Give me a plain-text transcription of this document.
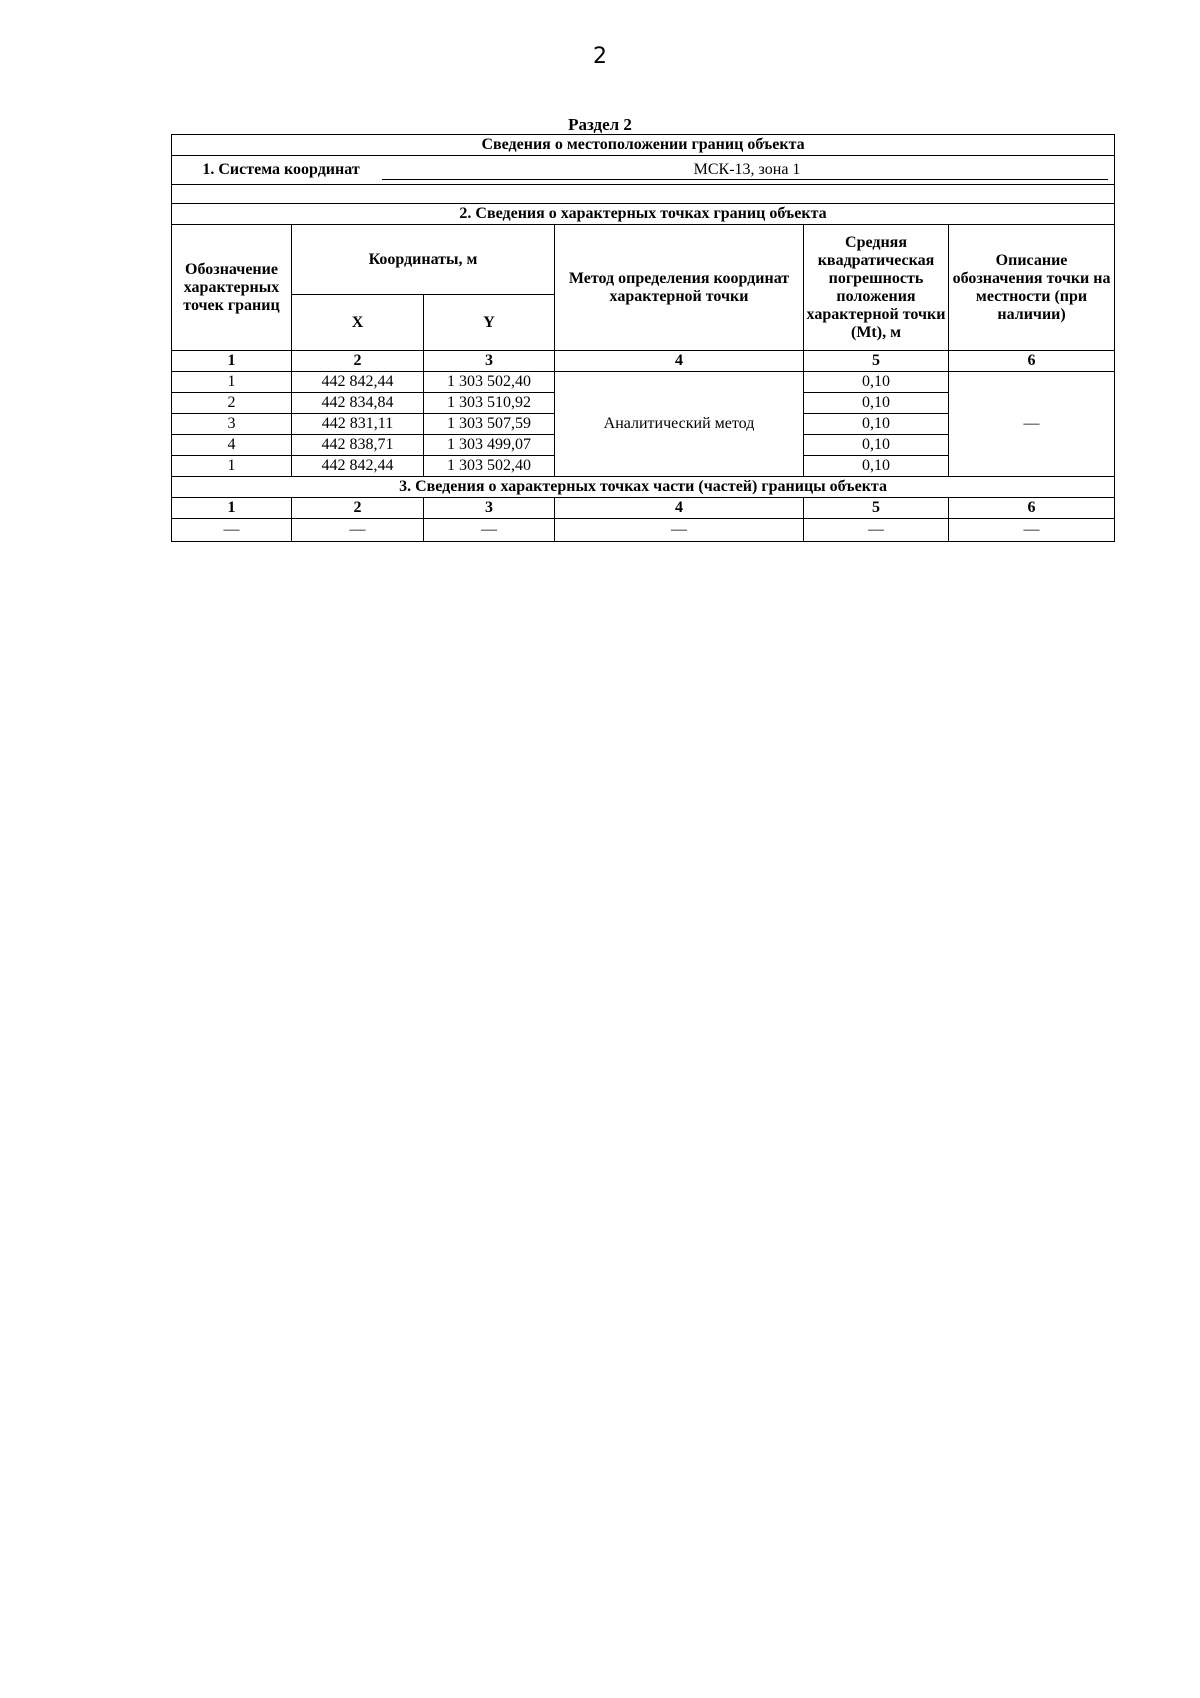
2
Раздел 2
Сведения о местоположении границ объекта					
1. Система координат МСК-13, зона 1					

2. Сведения о характерных точках границ объекта					
Обозначение характерных точек границ	Координаты, м		Метод определения координат характерной точки	Средняя квадратическая погрешность положения характерной точки (Mt), м	Описание обозначения точки на местности (при наличии)
	X	Y			
1	2	3	4	5	6
1	442 842,44	1 303 502,40	Аналитический метод	0,10	—
2	442 834,84	1 303 510,92		0,10	
3	442 831,11	1 303 507,59		0,10	
4	442 838,71	1 303 499,07		0,10	
1	442 842,44	1 303 502,40		0,10	
3. Сведения о характерных точках части (частей) границы объекта					
1	2	3	4	5	6
—	—	—	—	—	—
